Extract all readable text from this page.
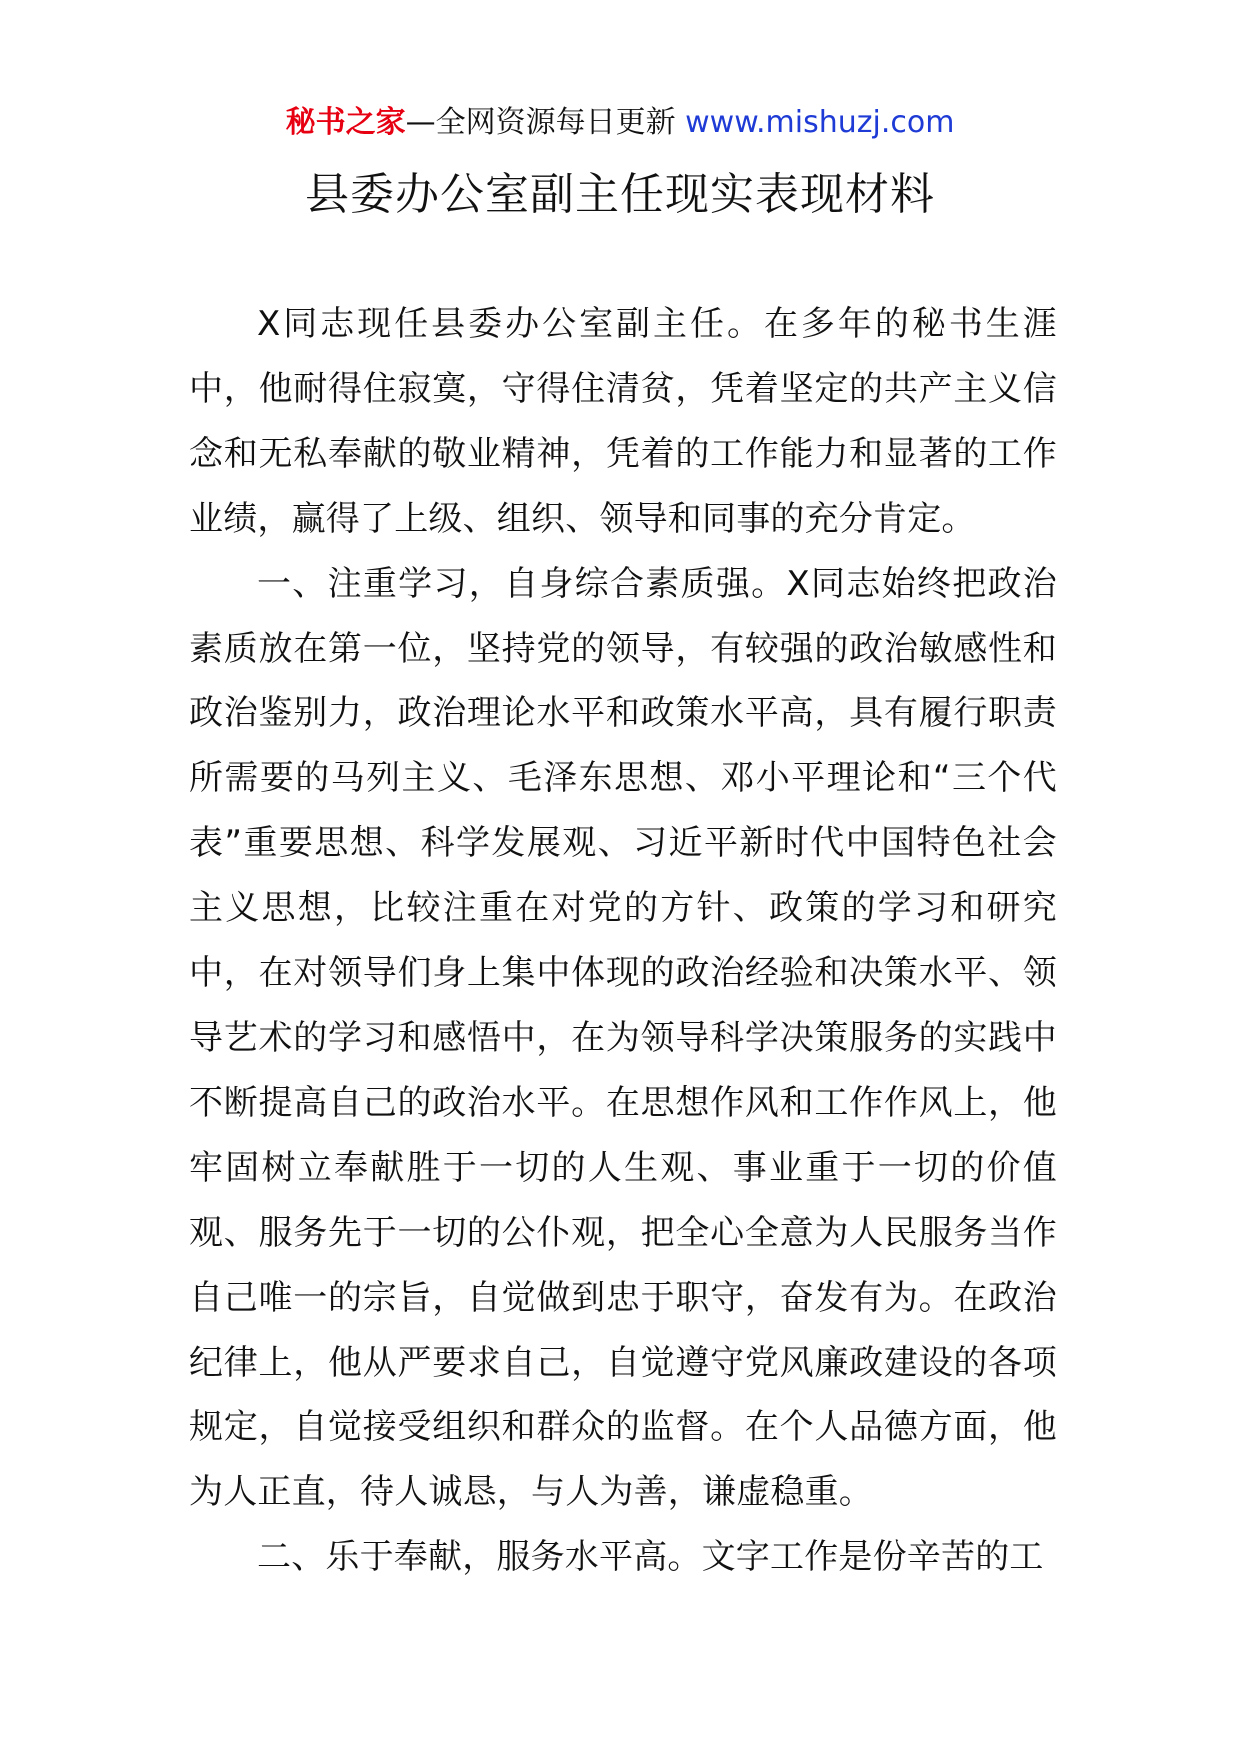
秘书之家—全网资源每日更新 www.mishuzj.com
县委办公室副主任现实表现材料

X同志现任县委办公室副主任。在多年的秘书生涯中，他耐得住寂寞，守得住清贫，凭着坚定的共产主义信念和无私奉献的敬业精神，凭着的工作能力和显著的工作业绩，赢得了上级、组织、领导和同事的充分肯定。

一、注重学习，自身综合素质强。X同志始终把政治素质放在第一位，坚持党的领导，有较强的政治敏感性和政治鉴别力，政治理论水平和政策水平高，具有履行职责所需要的马列主义、毛泽东思想、邓小平理论和“三个代表”重要思想、科学发展观、习近平新时代中国特色社会主义思想，比较注重在对党的方针、政策的学习和研究中，在对领导们身上集中体现的政治经验和决策水平、领导艺术的学习和感悟中，在为领导科学决策服务的实践中不断提高自己的政治水平。在思想作风和工作作风上，他牢固树立奉献胜于一切的人生观、事业重于一切的价值观、服务先于一切的公仆观，把全心全意为人民服务当作自己唯一的宗旨，自觉做到忠于职守，奋发有为。在政治纪律上，他从严要求自己，自觉遵守党风廉政建设的各项规定，自觉接受组织和群众的监督。在个人品德方面，他为人正直，待人诚恳，与人为善，谦虚稳重。

二、乐于奉献，服务水平高。文字工作是份辛苦的工
